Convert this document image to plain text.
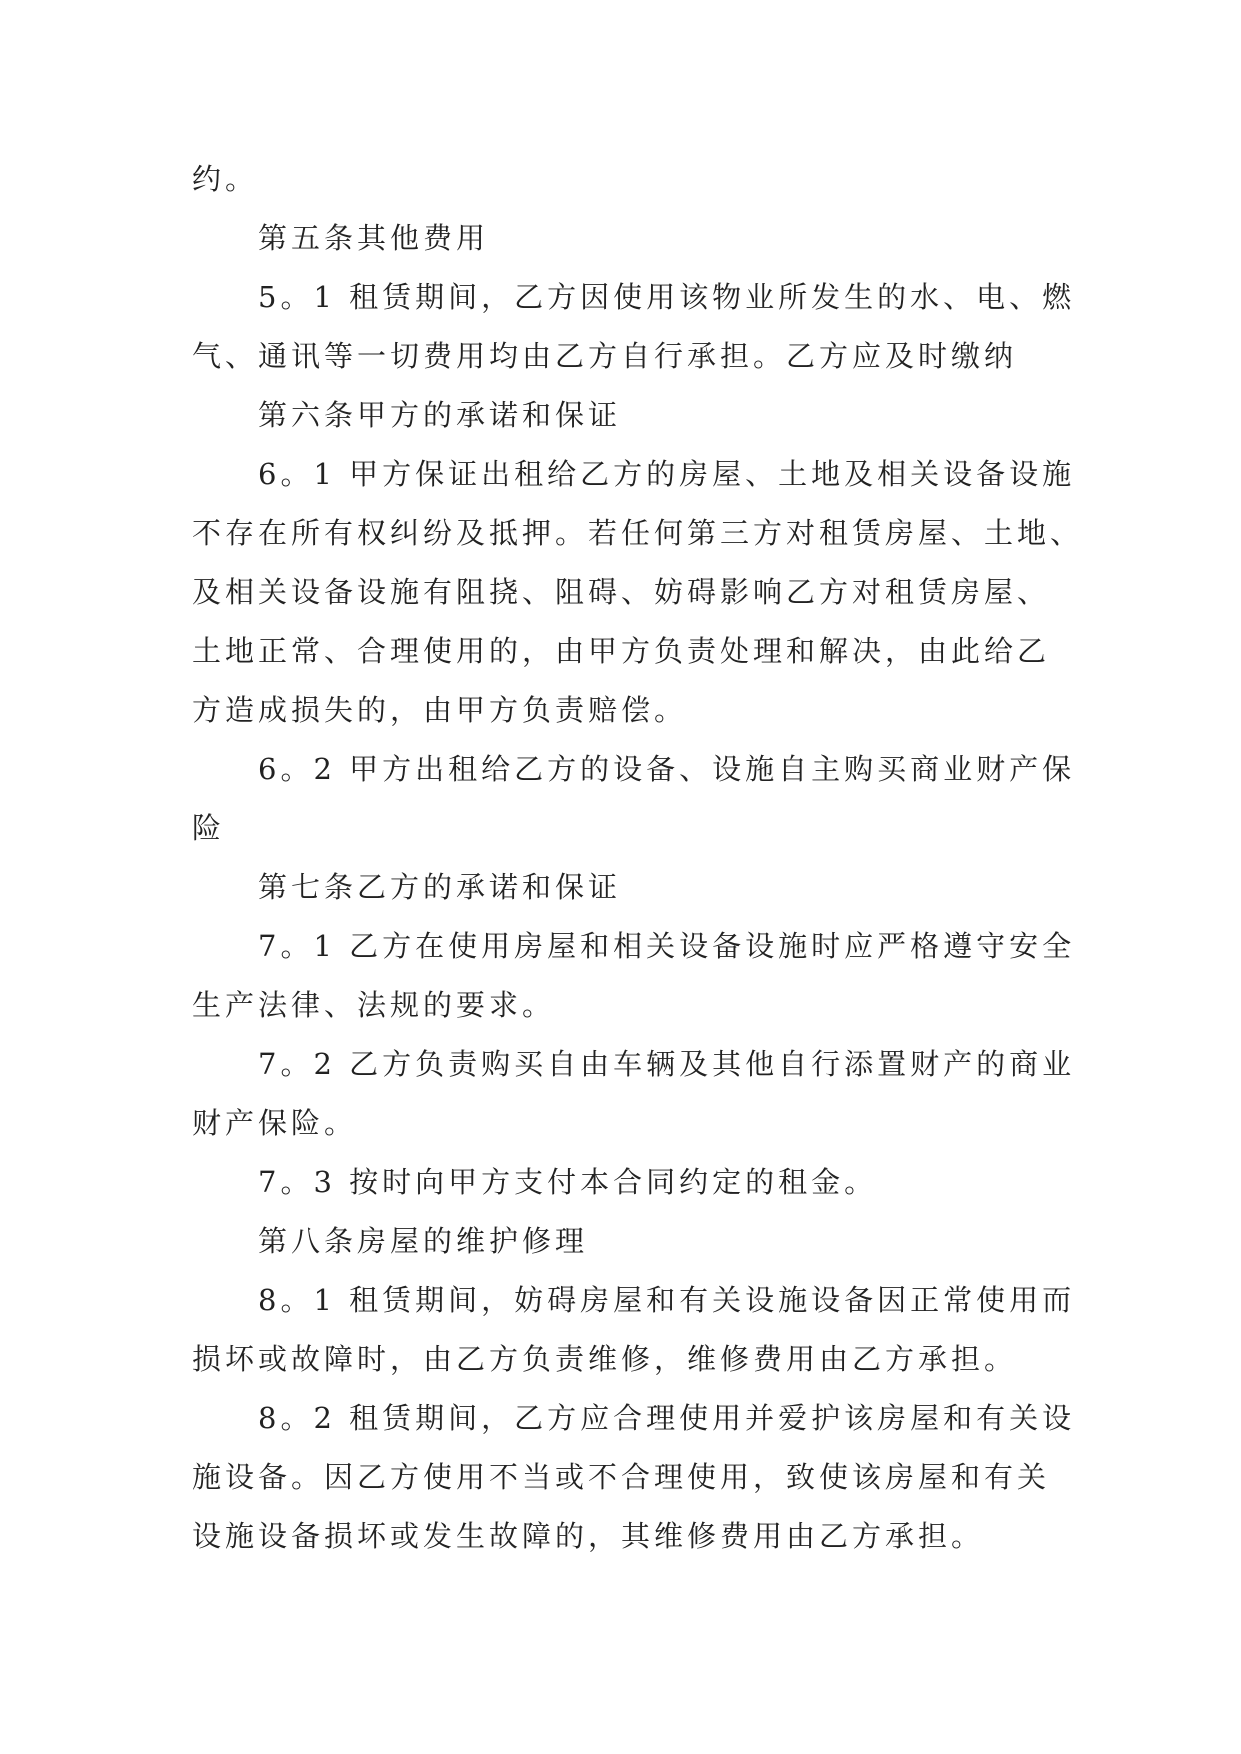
约。
第五条其他费用
5。1 租赁期间，乙方因使用该物业所发生的水、电、燃
气、通讯等一切费用均由乙方自行承担。乙方应及时缴纳
第六条甲方的承诺和保证
6。1 甲方保证出租给乙方的房屋、土地及相关设备设施
不存在所有权纠纷及抵押。若任何第三方对租赁房屋、土地、
及相关设备设施有阻挠、阻碍、妨碍影响乙方对租赁房屋、
土地正常、合理使用的，由甲方负责处理和解决，由此给乙
方造成损失的，由甲方负责赔偿。
6。2 甲方出租给乙方的设备、设施自主购买商业财产保
险
第七条乙方的承诺和保证
7。1 乙方在使用房屋和相关设备设施时应严格遵守安全
生产法律、法规的要求。
7。2 乙方负责购买自由车辆及其他自行添置财产的商业
财产保险。
7。3 按时向甲方支付本合同约定的租金。
第八条房屋的维护修理
8。1 租赁期间，妨碍房屋和有关设施设备因正常使用而
损坏或故障时，由乙方负责维修，维修费用由乙方承担。
8。2 租赁期间，乙方应合理使用并爱护该房屋和有关设
施设备。因乙方使用不当或不合理使用，致使该房屋和有关
设施设备损坏或发生故障的，其维修费用由乙方承担。
